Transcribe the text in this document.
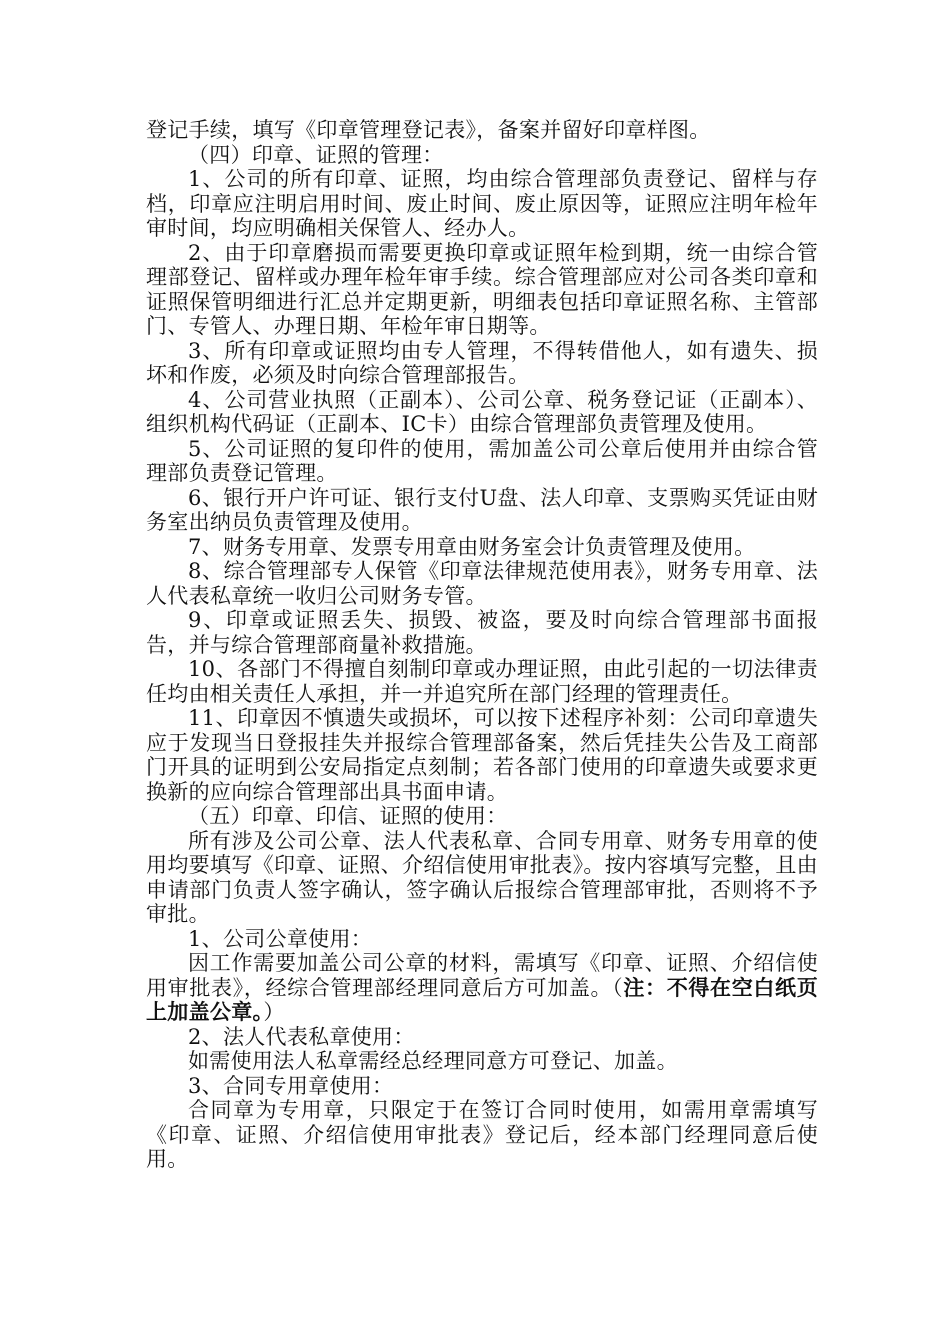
登记手续，填写《印章管理登记表》，备案并留好印章样图。

（四）印章、证照的管理：

1、公司的所有印章、证照，均由综合管理部负责登记、留样与存档，印章应注明启用时间、废止时间、废止原因等，证照应注明年检年审时间，均应明确相关保管人、经办人。

2、由于印章磨损而需要更换印章或证照年检到期，统一由综合管理部登记、留样或办理年检年审手续。综合管理部应对公司各类印章和证照保管明细进行汇总并定期更新，明细表包括印章证照名称、主管部门、专管人、办理日期、年检年审日期等。

3、所有印章或证照均由专人管理，不得转借他人，如有遗失、损坏和作废，必须及时向综合管理部报告。

4、公司营业执照（正副本）、公司公章、税务登记证（正副本）、组织机构代码证（正副本、IC卡）由综合管理部负责管理及使用。

5、公司证照的复印件的使用，需加盖公司公章后使用并由综合管理部负责登记管理。

6、银行开户许可证、银行支付U盘、法人印章、支票购买凭证由财务室出纳员负责管理及使用。

7、财务专用章、发票专用章由财务室会计负责管理及使用。

8、综合管理部专人保管《印章法律规范使用表》，财务专用章、法人代表私章统一收归公司财务专管。

9、印章或证照丢失、损毁、被盗，要及时向综合管理部书面报告，并与综合管理部商量补救措施。

10、各部门不得擅自刻制印章或办理证照，由此引起的一切法律责任均由相关责任人承担，并一并追究所在部门经理的管理责任。

11、印章因不慎遗失或损坏，可以按下述程序补刻：公司印章遗失应于发现当日登报挂失并报综合管理部备案，然后凭挂失公告及工商部门开具的证明到公安局指定点刻制；若各部门使用的印章遗失或要求更换新的应向综合管理部出具书面申请。

（五）印章、印信、证照的使用：

所有涉及公司公章、法人代表私章、合同专用章、财务专用章的使用均要填写《印章、证照、介绍信使用审批表》。按内容填写完整，且由申请部门负责人签字确认，签字确认后报综合管理部审批，否则将不予审批。

1、公司公章使用：

因工作需要加盖公司公章的材料，需填写《印章、证照、介绍信使用审批表》，经综合管理部经理同意后方可加盖。（注：不得在空白纸页上加盖公章。）

2、法人代表私章使用：

如需使用法人私章需经总经理同意方可登记、加盖。

3、合同专用章使用：

合同章为专用章，只限定于在签订合同时使用，如需用章需填写《印章、证照、介绍信使用审批表》登记后，经本部门经理同意后使用。
